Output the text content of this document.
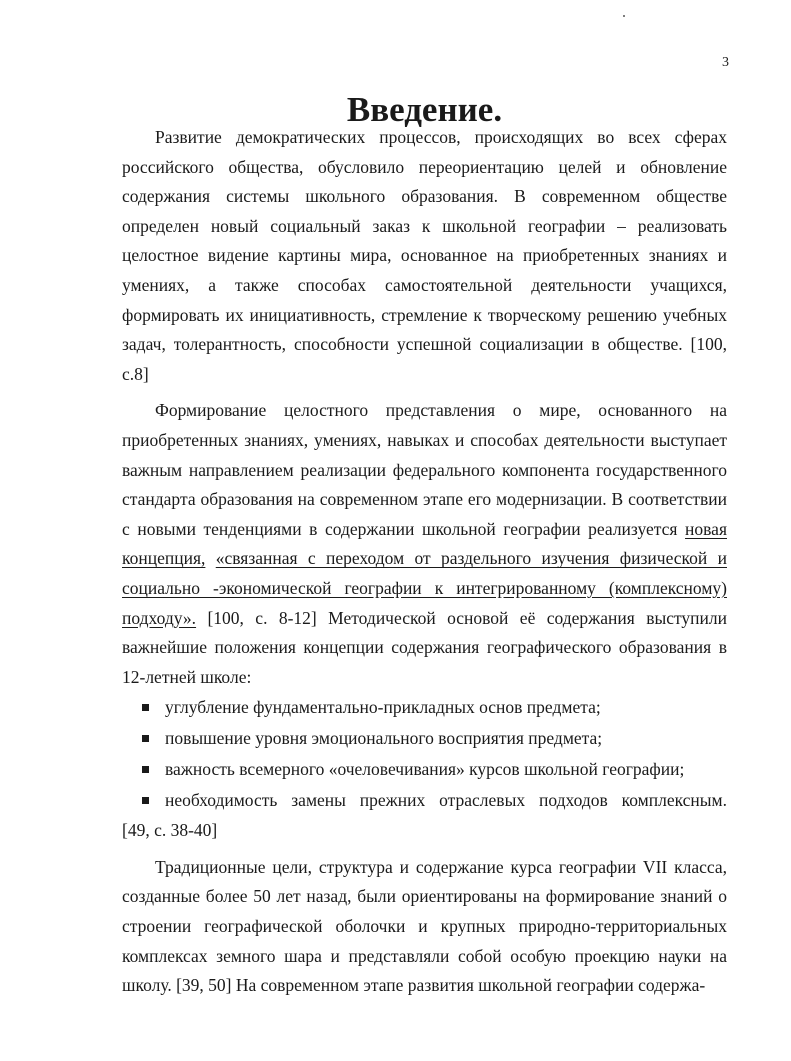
3
Введение.

Развитие демократических процессов, происходящих во всех сферах российского общества, обусловило переориентацию целей и обновление содержания системы школьного образования. В современном обществе определен новый социальный заказ к школьной географии – реализовать целостное видение картины мира, основанное на приобретенных знаниях и умениях, а также способах самостоятельной деятельности учащихся, формировать их инициативность, стремление к творческому решению учебных задач, толерантность, способности успешной социализации в обществе. [100, с.8]

Формирование целостного представления о мире, основанного на приобретенных знаниях, умениях, навыках и способах деятельности выступает важным направлением реализации федерального компонента государственного стандарта образования на современном этапе его модернизации. В соответствии с новыми тенденциями в содержании школьной географии реализуется новая концепция, «связанная с переходом от раздельного изучения физической и социально -экономической географии к интегрированному (комплексному) подходу». [100, с. 8-12] Методической основой её содержания выступили важнейшие положения концепции содержания географического образования в 12-летней школе:

углубление фундаментально-прикладных основ предмета;
повышение уровня эмоционального восприятия предмета;
важность всемерного «очеловечивания» курсов школьной географии;
необходимость замены прежних отраслевых подходов комплексным.

[49, с. 38-40]

Традиционные цели, структура и содержание курса географии VII класса, созданные более 50 лет назад, были ориентированы на формирование знаний о строении географической оболочки и крупных природно-территориальных комплексах земного шара и представляли собой особую проекцию науки на школу. [39, 50] На современном этапе развития школьной географии содержа-
